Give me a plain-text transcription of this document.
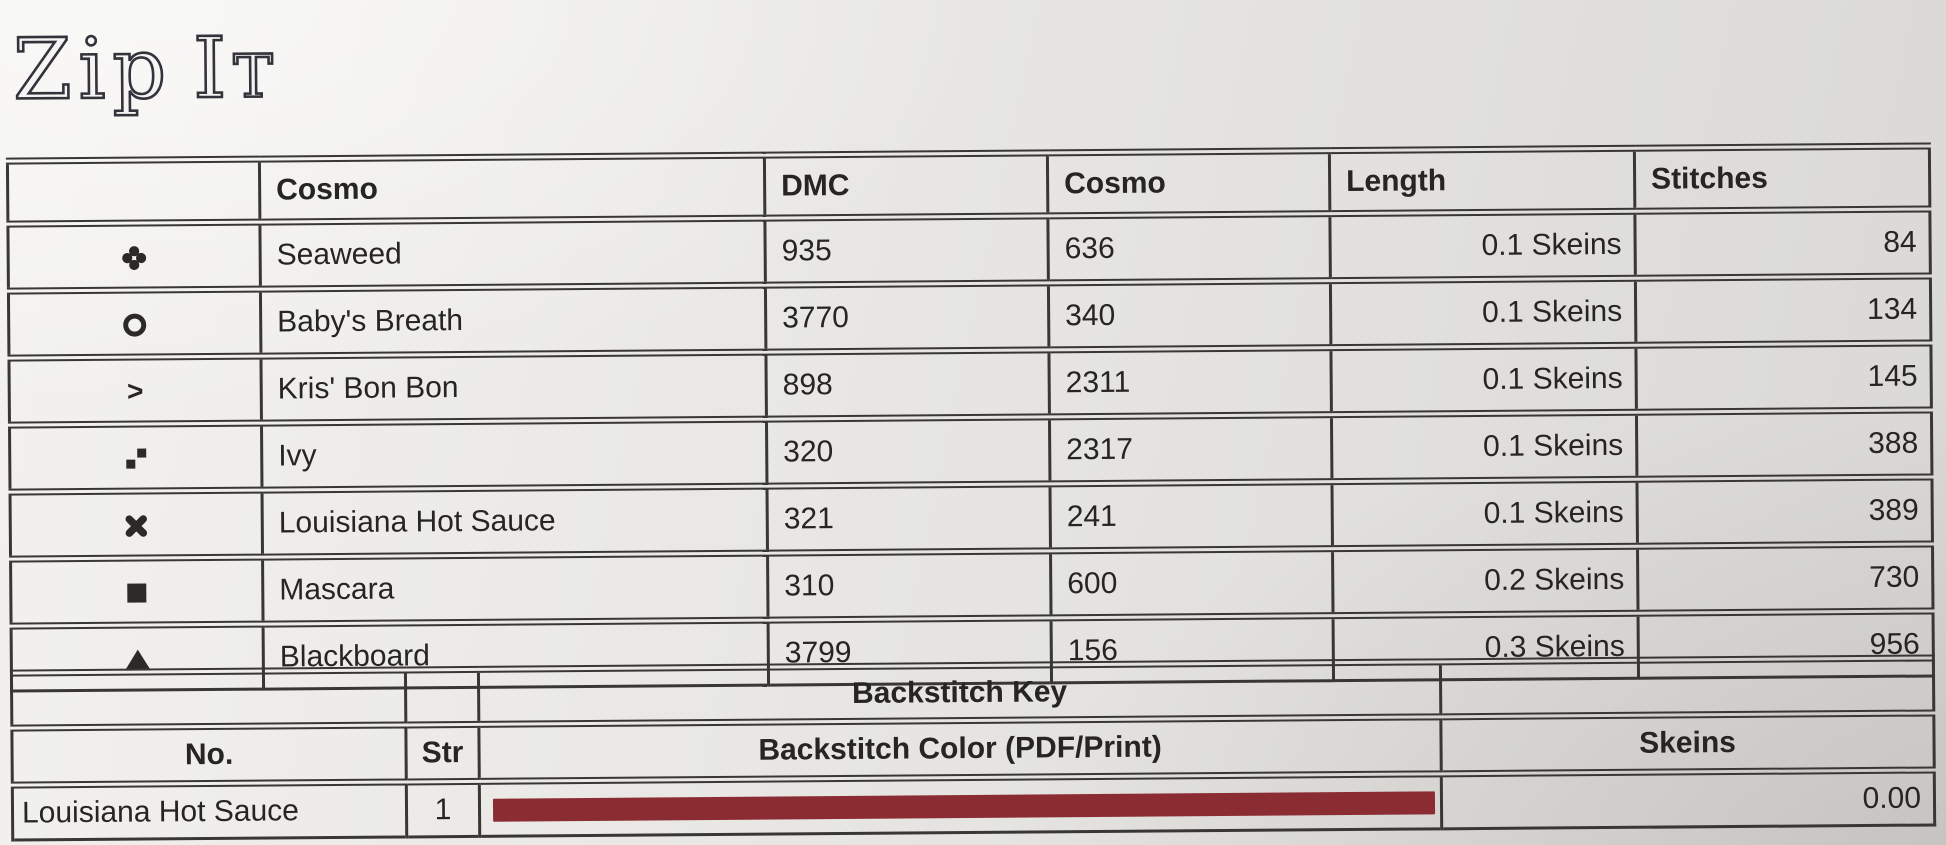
Zip It
	Cosmo	DMC	Cosmo	Length	Stitches
	Seaweed	935	636	0.1 Skeins	84
	Baby's Breath	3770	340	0.1 Skeins	134
>	Kris' Bon Bon	898	2311	0.1 Skeins	145

	Ivy	320	2317	0.1 Skeins	388
	Louisiana Hot Sauce	321	241	0.1 Skeins	389
	Mascara	310	600	0.2 Skeins	730
	Blackboard	3799	156	0.3 Skeins	956
		Backstitch Key	
No.	Str	Backstitch Color (PDF/Print)	Skeins
Louisiana Hot Sauce	1		0.00
